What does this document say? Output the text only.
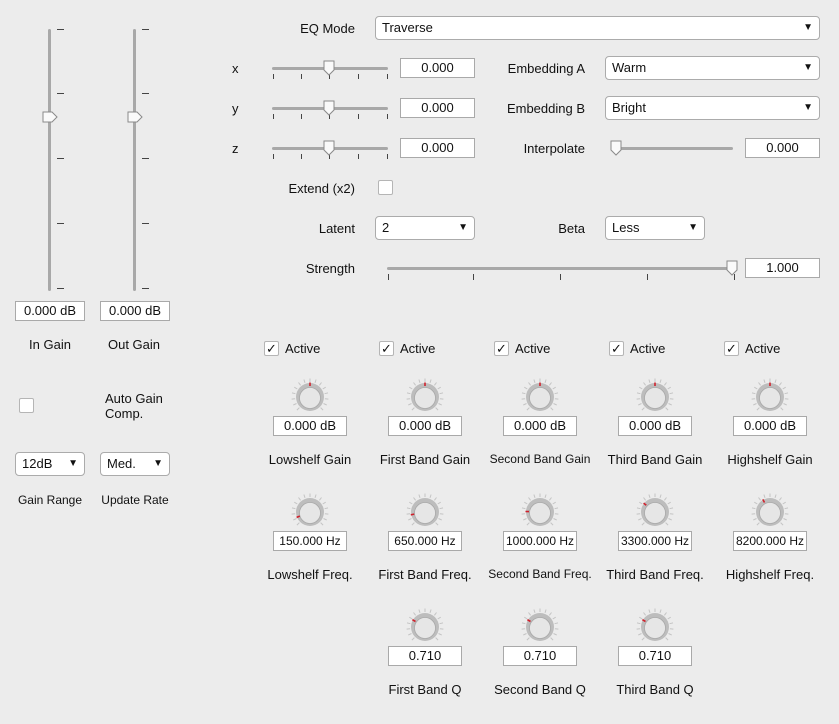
0.000 dB	0.000 dB
In Gain	Out Gain
Auto Gain
Comp.
12dB ▼	Med. ▼
Gain Range	Update Rate
EQ Mode	Traverse	▼
x	0.000
y	0.000
z	0.000
Embedding A	Warm	▼
Embedding B	Bright	▼
Interpolate	0.000
Extend (x2)
Latent	2	▼	Beta	Less	▼
Strength	1.000
✓ Active
0.000 dB
Lowshelf Gain
150.000 Hz
Lowshelf Freq.
✓ Active
0.000 dB
First Band Gain
650.000 Hz
First Band Freq.
0.710
First Band Q
✓ Active
0.000 dB
Second Band Gain
1000.000 Hz
Second Band Freq.
0.710
Second Band Q
✓ Active
0.000 dB
Third Band Gain
3300.000 Hz
Third Band Freq.
0.710
Third Band Q
✓ Active
0.000 dB
Highshelf Gain
8200.000 Hz
Highshelf Freq.
